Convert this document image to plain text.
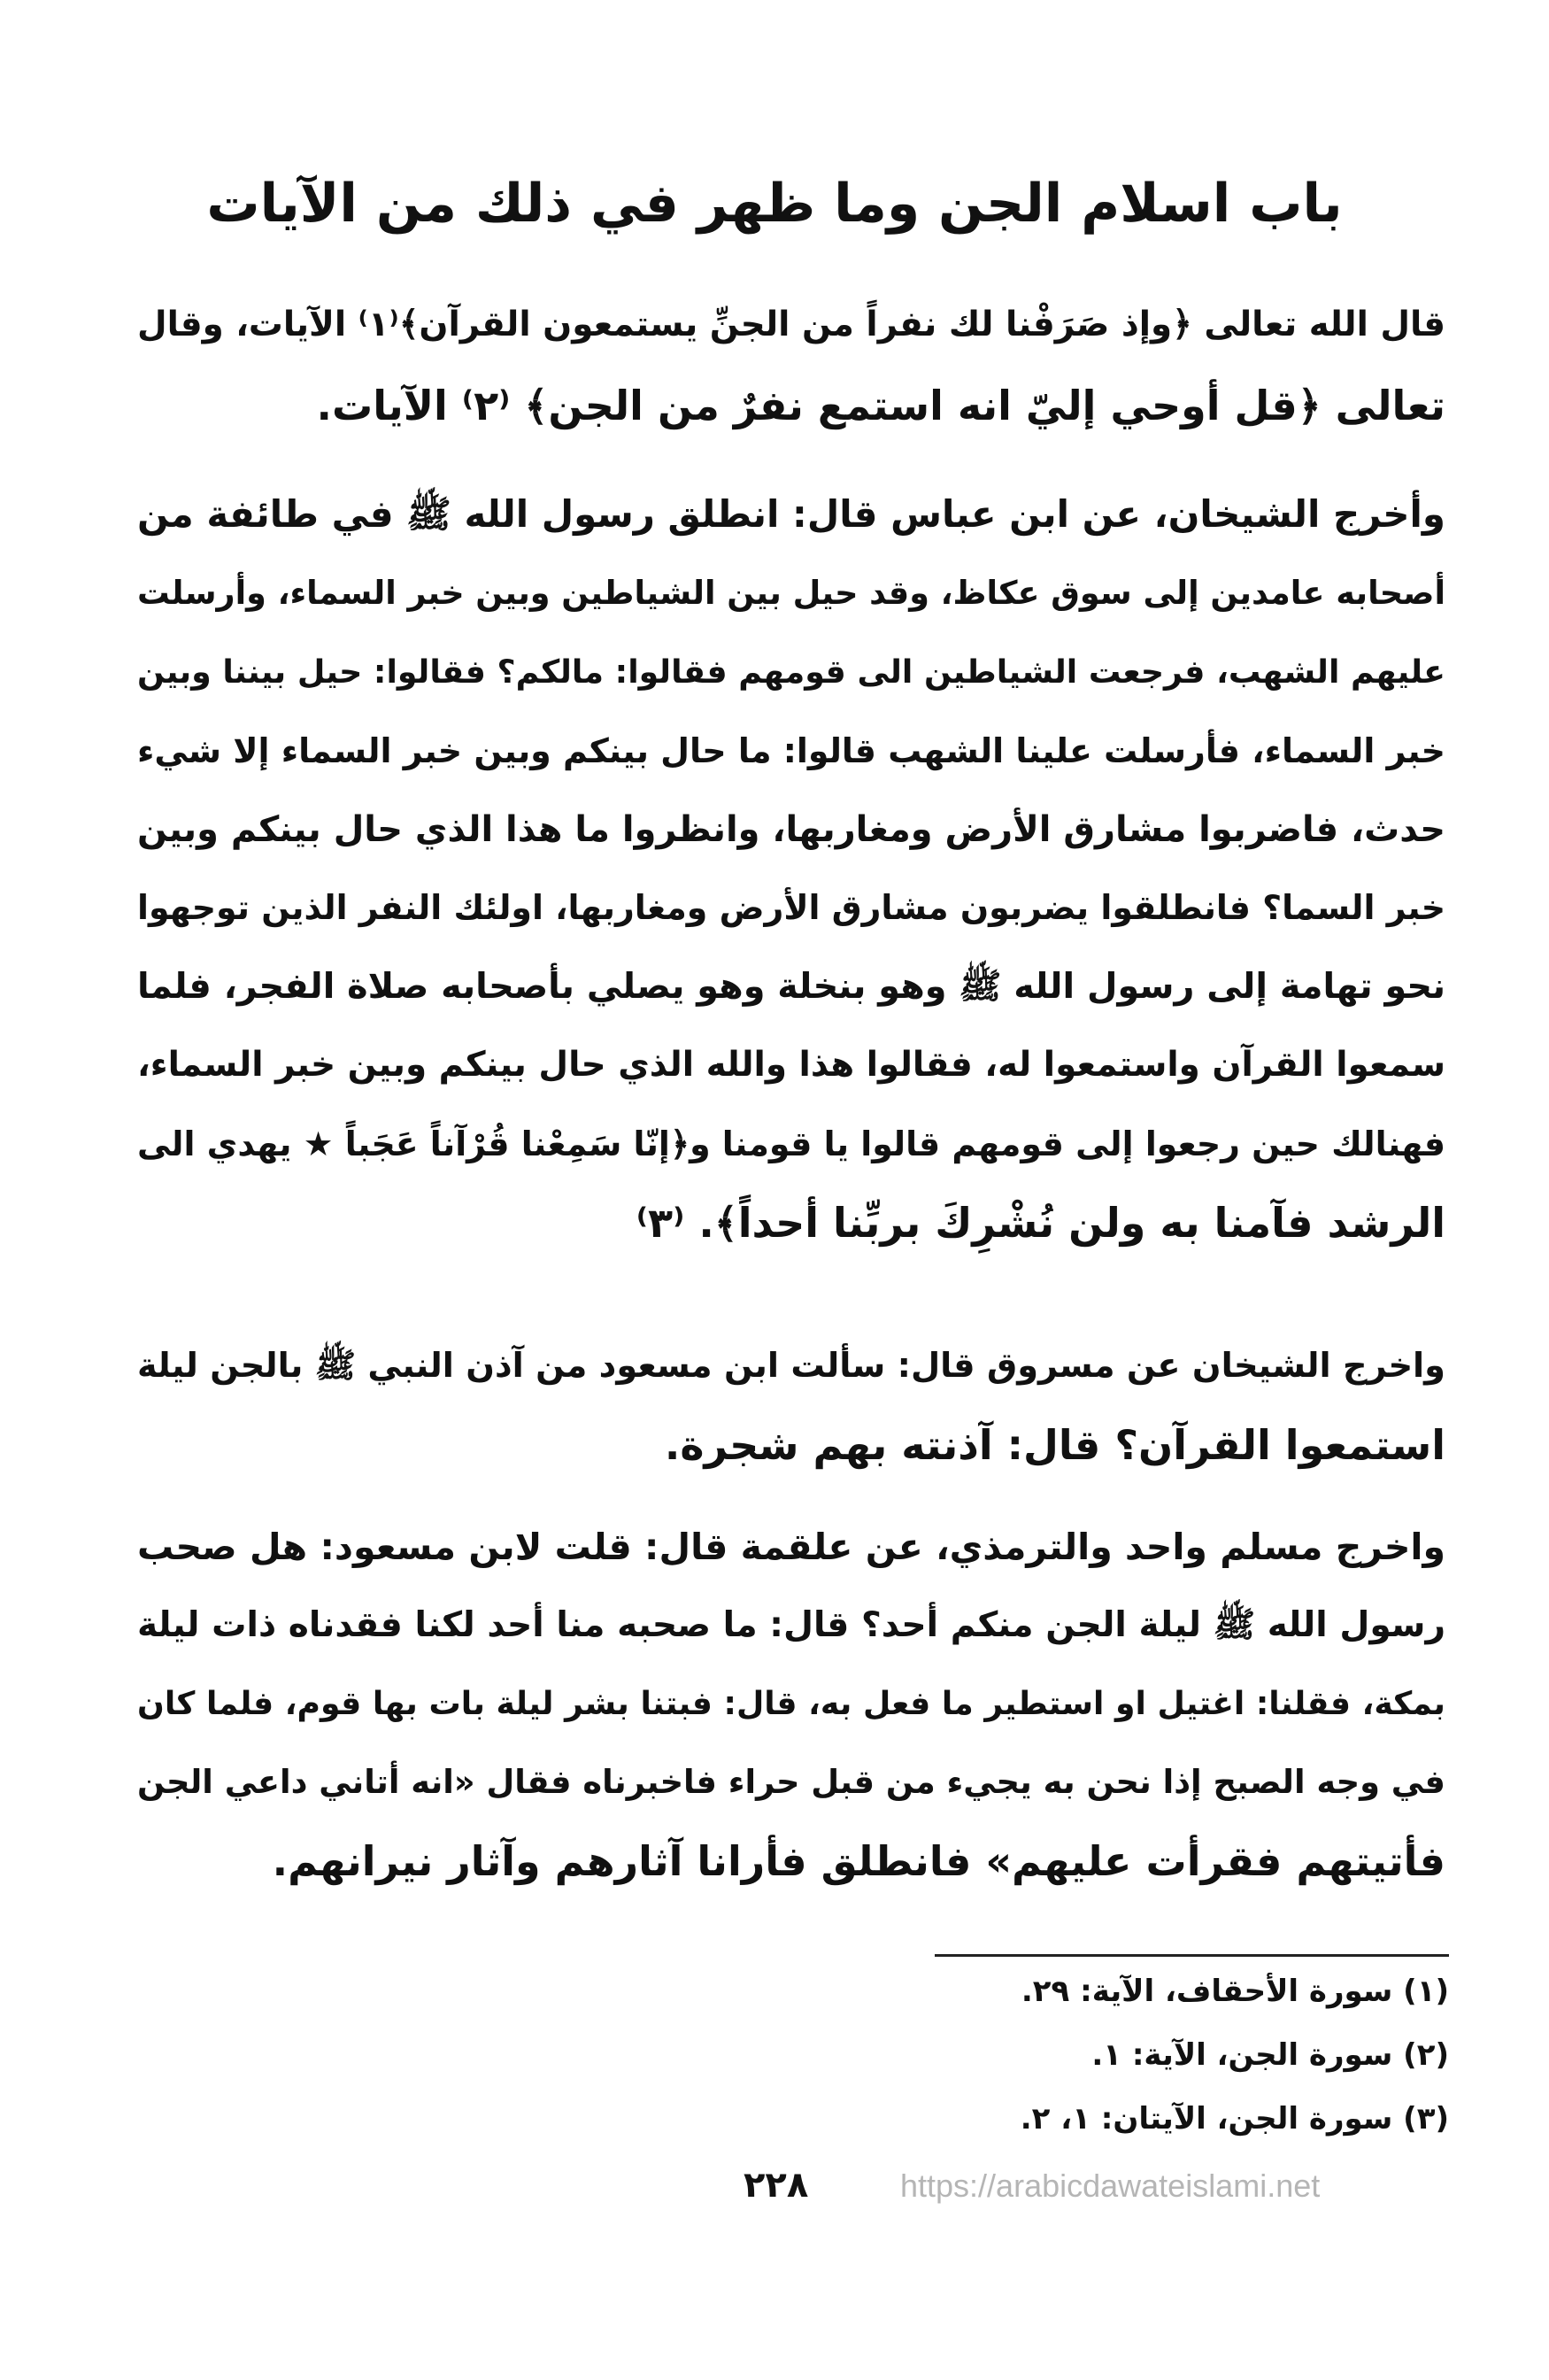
باب اسلام الجن وما ظهر في ذلك من الآيات
قال الله تعالى ﴿وإذ صَرَفْنا لك نفراً من الجنِّ يستمعون القرآن﴾⁽١⁾ الآيات، وقال
تعالى ﴿قل أوحي إليّ انه استمع نفرٌ من الجن﴾ ⁽٢⁾ الآيات.
وأخرج الشيخان، عن ابن عباس قال: انطلق رسول الله ﷺ في طائفة من
أصحابه عامدين إلى سوق عكاظ، وقد حيل بين الشياطين وبين خبر السماء، وأرسلت
عليهم الشهب، فرجعت الشياطين الى قومهم فقالوا: مالكم؟ فقالوا: حيل بيننا وبين
خبر السماء، فأرسلت علينا الشهب قالوا: ما حال بينكم وبين خبر السماء إلا شيء
حدث، فاضربوا مشارق الأرض ومغاربها، وانظروا ما هذا الذي حال بينكم وبين
خبر السما؟ فانطلقوا يضربون مشارق الأرض ومغاربها، اولئك النفر الذين توجهوا
نحو تهامة إلى رسول الله ﷺ وهو بنخلة وهو يصلي بأصحابه صلاة الفجر، فلما
سمعوا القرآن واستمعوا له، فقالوا هذا والله الذي حال بينكم وبين خبر السماء،
فهنالك حين رجعوا إلى قومهم قالوا يا قومنا و﴿إنّا سَمِعْنا قُرْآناً عَجَباً ★ يهدي الى
الرشد فآمنا به ولن نُشْرِكَ بربِّنا أحداً﴾. ⁽٣⁾
واخرج الشيخان عن مسروق قال: سألت ابن مسعود من آذن النبي ﷺ بالجن ليلة
استمعوا القرآن؟ قال: آذنته بهم شجرة.
واخرج مسلم واحد والترمذي، عن علقمة قال: قلت لابن مسعود: هل صحب
رسول الله ﷺ ليلة الجن منكم أحد؟ قال: ما صحبه منا أحد لكنا فقدناه ذات ليلة
بمكة، فقلنا: اغتيل او استطير ما فعل به، قال: فبتنا بشر ليلة بات بها قوم، فلما كان
في وجه الصبح إذا نحن به يجيء من قبل حراء فاخبرناه فقال «انه أتاني داعي الجن
فأتيتهم فقرأت عليهم» فانطلق فأرانا آثارهم وآثار نيرانهم.
(١) سورة الأحقاف، الآية: ٢٩.
(٢) سورة الجن، الآية: ١.
(٣) سورة الجن، الآيتان: ١، ٢.
٢٢٨	https://arabicdawateislami.net
